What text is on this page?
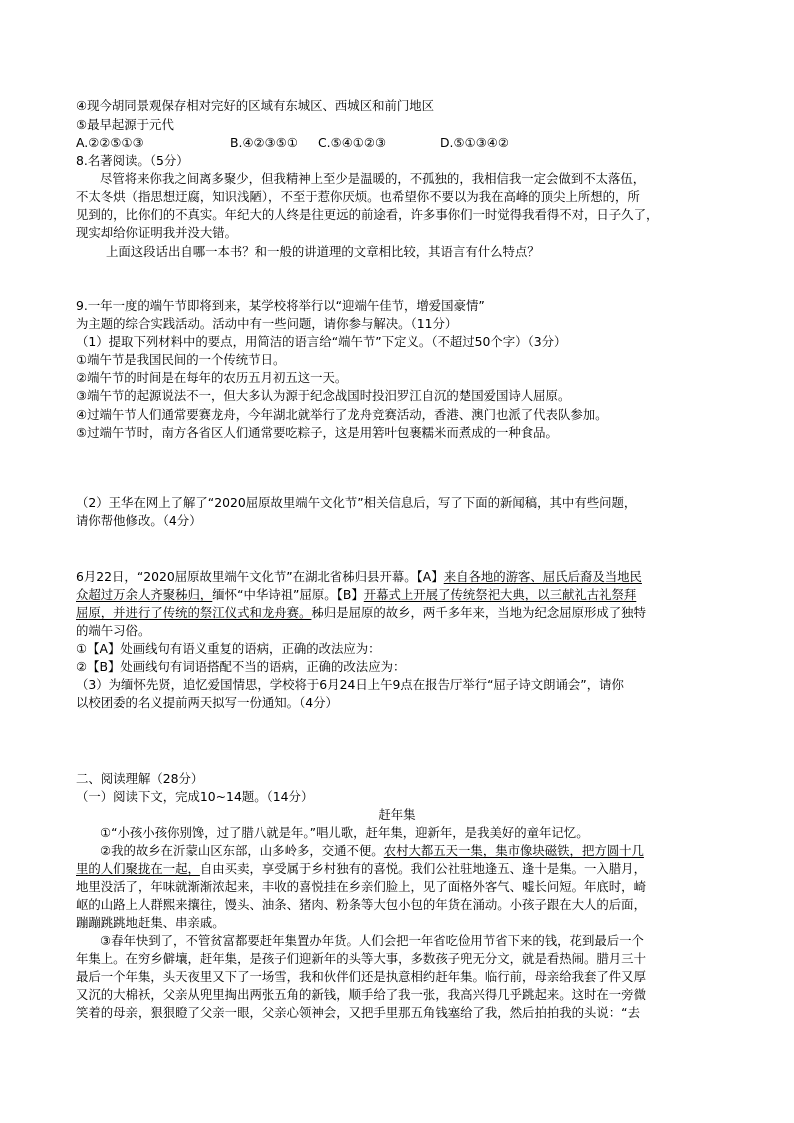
④现今胡同景观保存相对完好的区域有东城区、西城区和前门地区
⑤最早起源于元代
A.②②⑤①③	B.④②③⑤① C.⑤④①②③	D.⑤①③④②
8.名著阅读。（5分）
尽管将来你我之间离多聚少，但我精神上至少是温暖的，不孤独的，我相信我一定会做到不太落伍，
不太冬烘（指思想迂腐，知识浅陋），不至于惹你厌烦。也希望你不要以为我在高峰的顶尖上所想的，所
见到的，比你们的不真实。年纪大的人终是往更远的前途看，许多事你们一时觉得我看得不对，日子久了，
现实却给你证明我并没大错。
上面这段话出自哪一本书？和一般的讲道理的文章相比较，其语言有什么特点？
9.一年一度的端午节即将到来，某学校将举行以“迎端午佳节，增爱国豪情”
为主题的综合实践活动。活动中有一些问题，请你参与解决。（11分）
（1）提取下列材料中的要点，用简洁的语言给“端午节”下定义。（不超过50个字）（3分）
①端午节是我国民间的一个传统节日。
②端午节的时间是在每年的农历五月初五这一天。
③端午节的起源说法不一，但大多认为源于纪念战国时投汨罗江自沉的楚国爱国诗人屈原。
④过端午节人们通常要赛龙舟，今年湖北就举行了龙舟竞赛活动，香港、澳门也派了代表队参加。
⑤过端午节时，南方各省区人们通常要吃粽子，这是用箬叶包裹糯米而煮成的一种食品。
（2）王华在网上了解了“2020屈原故里端午文化节”相关信息后，写了下面的新闻稿，其中有些问题，
请你帮他修改。（4分）
6月22日，“2020屈原故里端午文化节”在湖北省秭归县开幕。【A】来自各地的游客、屈氏后裔及当地民
众超过万余人齐聚秭归，缅怀“中华诗祖”屈原。【B】开幕式上开展了传统祭祀大典，以三献礼古礼祭拜
屈原，并进行了传统的祭江仪式和龙舟赛。秭归是屈原的故乡，两千多年来，当地为纪念屈原形成了独特
的端午习俗。
①【A】处画线句有语义重复的语病，正确的改法应为：
②【B】处画线句有词语搭配不当的语病，正确的改法应为：
（3）为缅怀先贤，追忆爱国情思，学校将于6月24日上午9点在报告厅举行“屈子诗文朗诵会”，请你
以校团委的名义提前两天拟写一份通知。（4分）
二、阅读理解（28分）
（一）阅读下文，完成10~14题。（14分）
赶年集
①“小孩小孩你别馋，过了腊八就是年。”唱儿歌，赶年集，迎新年，是我美好的童年记忆。
②我的故乡在沂蒙山区东部，山多岭多，交通不便。农村大都五天一集，集市像块磁铁，把方圆十几
里的人们聚拢在一起，自由买卖，享受属于乡村独有的喜悦。我们公社驻地逢五、逢十是集。一入腊月，
地里没活了，年味就渐渐浓起来，丰收的喜悦挂在乡亲们脸上，见了面格外客气、嘘长问短。年底时，崎
岖的山路上人群熙来攘往，馒头、油条、猪肉、粉条等大包小包的年货在涌动。小孩子跟在大人的后面，
蹦蹦跳跳地赶集、串亲戚。
③春年快到了，不管贫富都要赶年集置办年货。人们会把一年省吃俭用节省下来的钱，花到最后一个
年集上。在穷乡僻壤，赶年集，是孩子们迎新年的头等大事，多数孩子兜无分文，就是看热闹。腊月三十
最后一个年集，头天夜里又下了一场雪，我和伙伴们还是执意相约赶年集。临行前，母亲给我套了件又厚
又沉的大棉袄，父亲从兜里掏出两张五角的新钱，顺手给了我一张，我高兴得几乎跳起来。这时在一旁微
笑着的母亲，狠狠瞪了父亲一眼，父亲心领神会，又把手里那五角钱塞给了我，然后拍拍我的头说：“去
